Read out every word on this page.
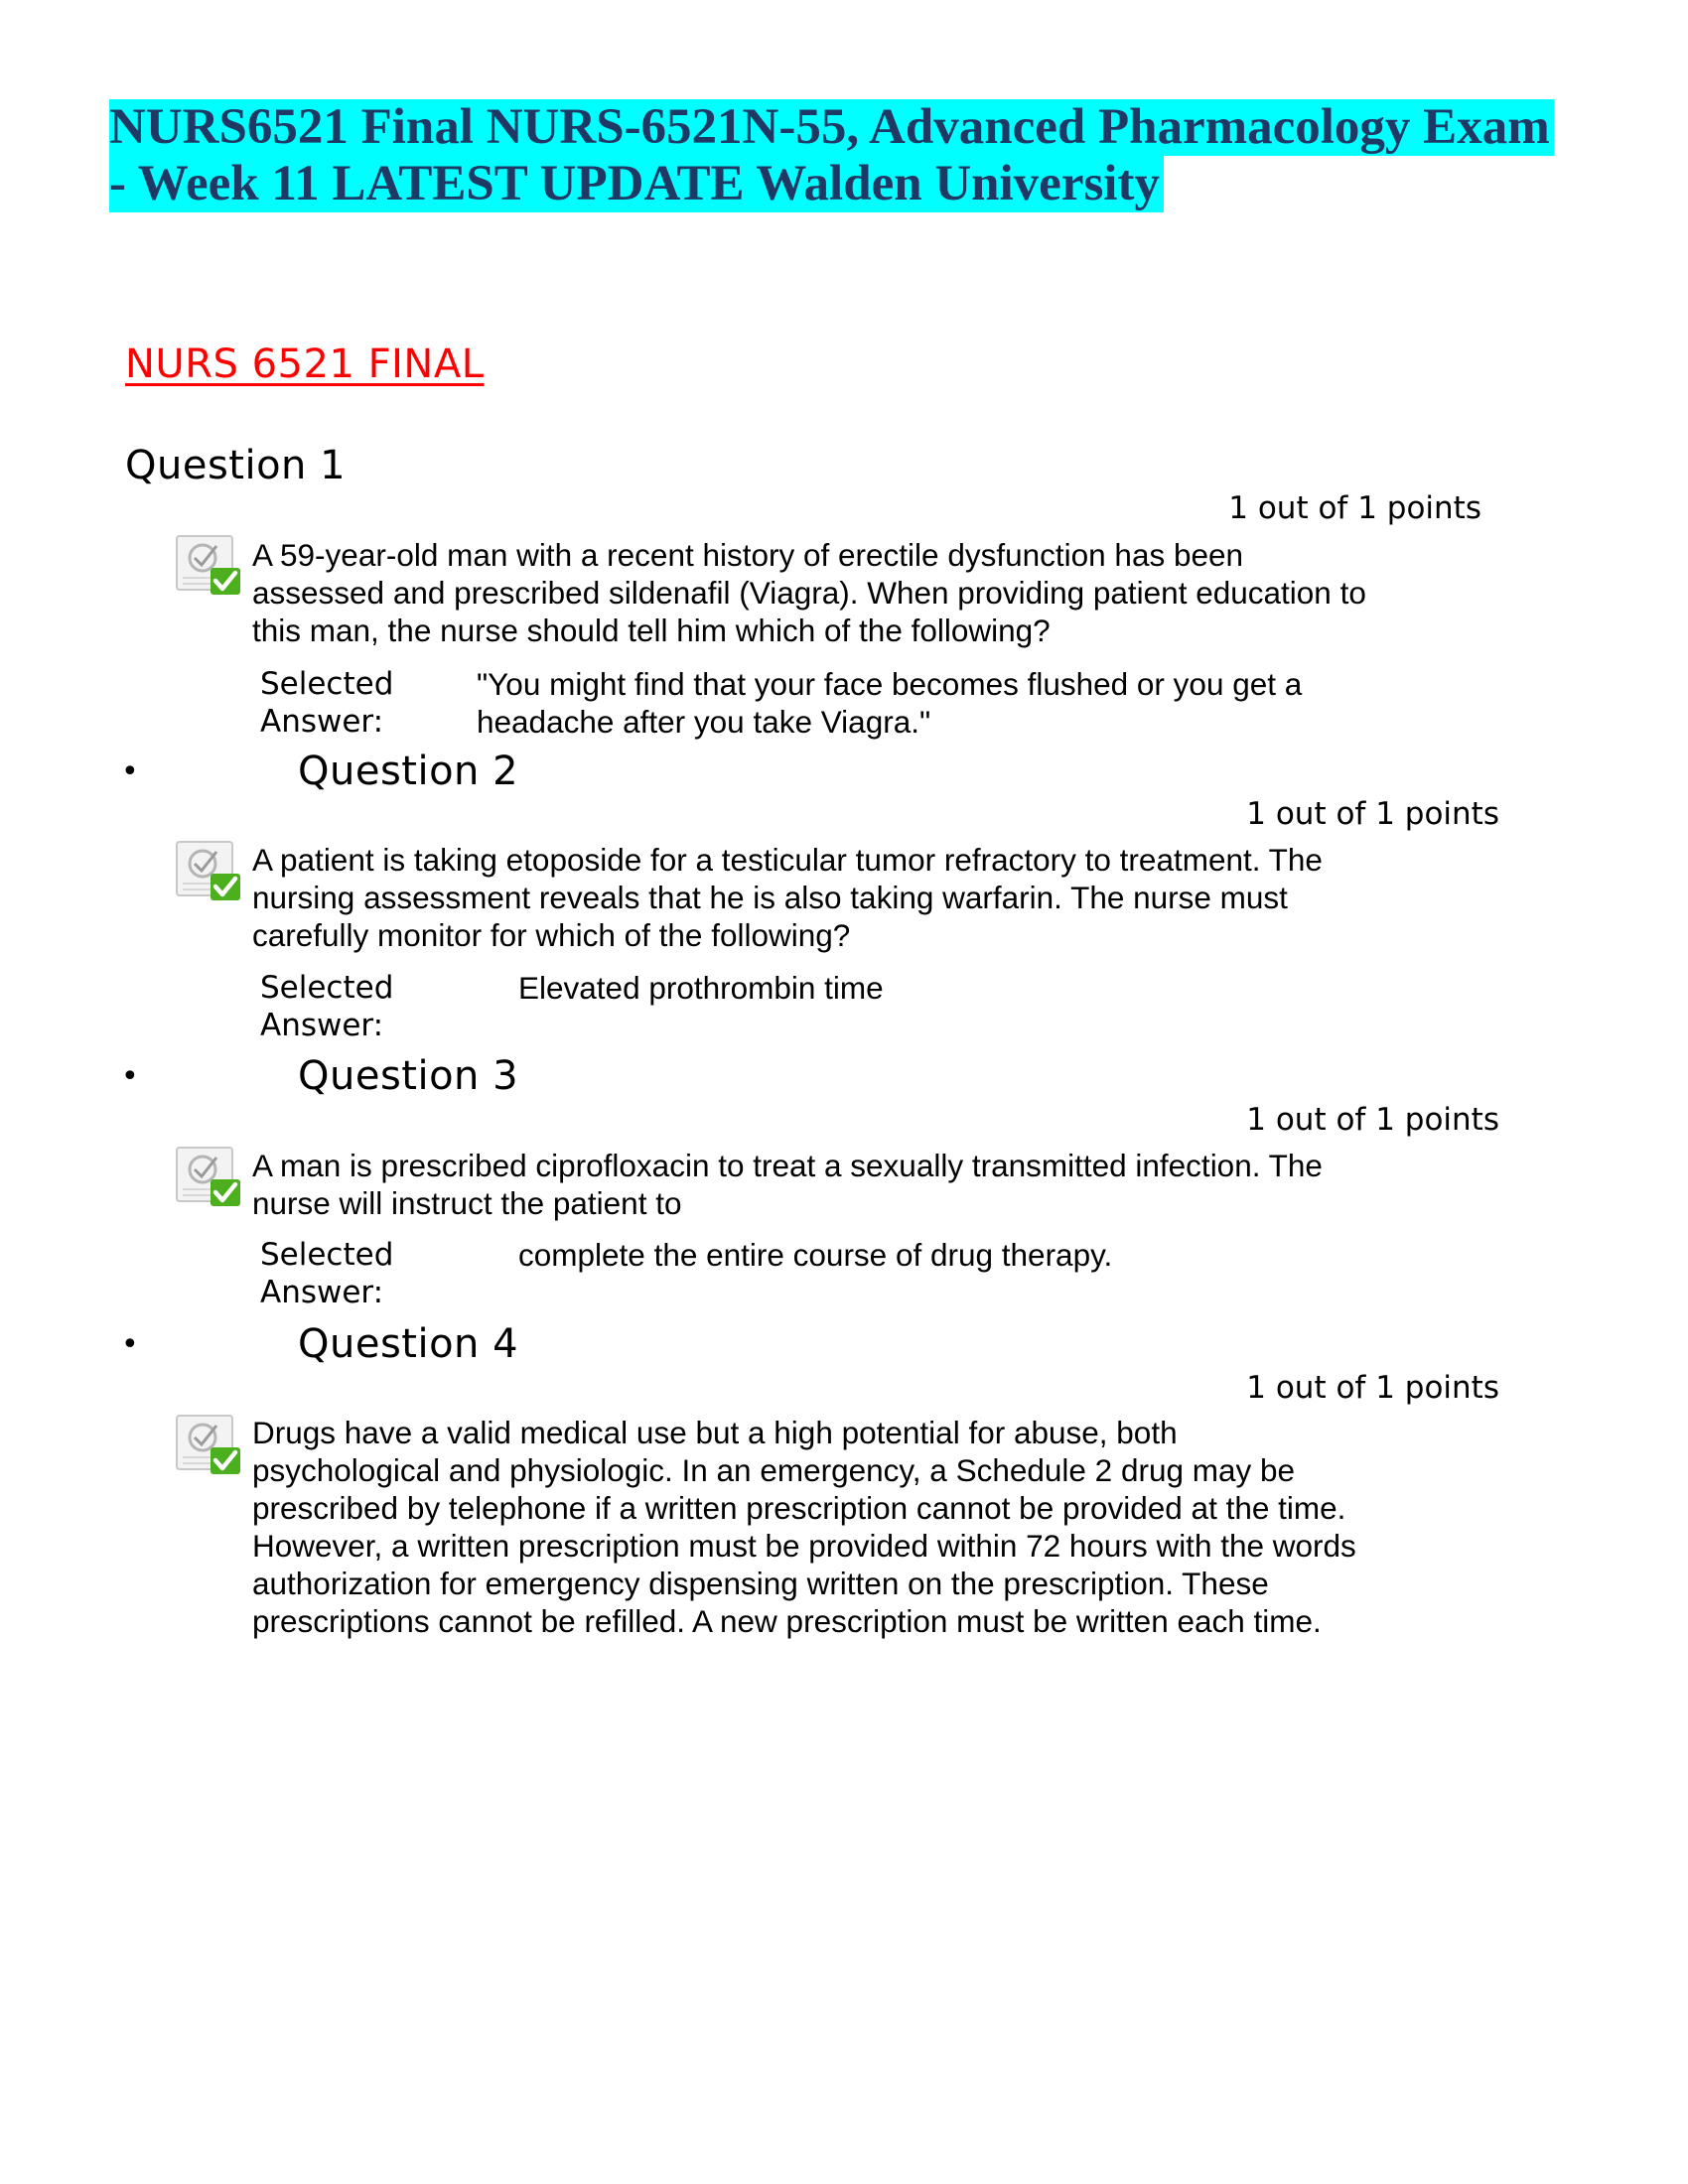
NURS6521 Final NURS-6521N-55, Advanced Pharmacology Exam
- Week 11 LATEST UPDATE Walden University
NURS 6521 FINAL
Question 1
1 out of 1 points
A 59-year-old man with a recent history of erectile dysfunction has been
assessed and prescribed sildenafil (Viagra). When providing patient education to
this man, the nurse should tell him which of the following?
Selected
Answer:
"You might find that your face becomes flushed or you get a
headache after you take Viagra."
•	Question 2
1 out of 1 points
A patient is taking etoposide for a testicular tumor refractory to treatment. The
nursing assessment reveals that he is also taking warfarin. The nurse must
carefully monitor for which of the following?
Selected
Answer:
Elevated prothrombin time
•	Question 3
1 out of 1 points
A man is prescribed ciprofloxacin to treat a sexually transmitted infection. The
nurse will instruct the patient to
Selected
Answer:
complete the entire course of drug therapy.
•	Question 4
1 out of 1 points
Drugs have a valid medical use but a high potential for abuse, both
psychological and physiologic. In an emergency, a Schedule 2 drug may be
prescribed by telephone if a written prescription cannot be provided at the time.
However, a written prescription must be provided within 72 hours with the words
authorization for emergency dispensing written on the prescription. These
prescriptions cannot be refilled. A new prescription must be written each time.
